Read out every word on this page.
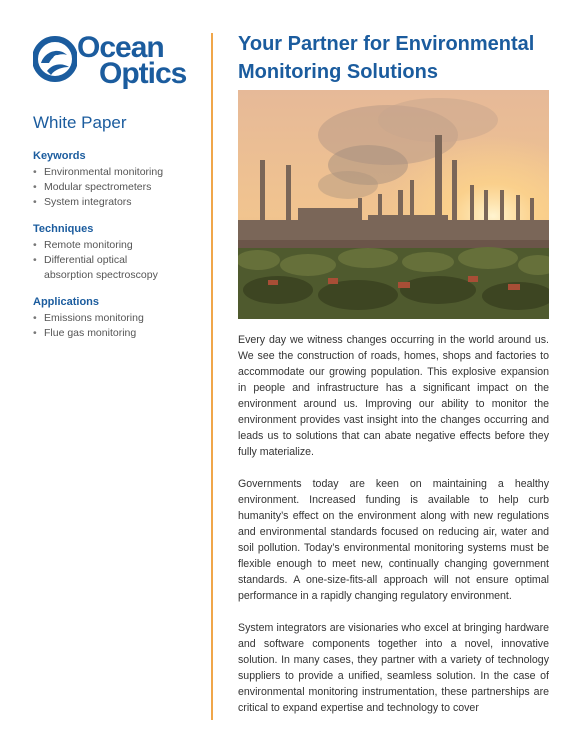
Ocean
Optics
White Paper
Keywords
• Environmental monitoring
• Modular spectrometers
• System integrators
Techniques
• Remote monitoring
• Differential optical absorption spectroscopy
Applications
• Emissions monitoring
• Flue gas monitoring
Your Partner for Environmental Monitoring Solutions

Every day we witness changes occurring in the world around us. We see the construction of roads, homes, shops and factories to accommodate our growing population. This explosive expansion in people and infrastructure has a significant impact on the environment around us. Improving our ability to monitor the environment provides vast insight into the changes occurring and leads us to solutions that can abate negative effects before they fully materialize.

Governments today are keen on maintaining a healthy environment. Increased funding is available to help curb humanity’s effect on the environment along with new regulations and environmental standards focused on reducing air, water and soil pollution. Today’s environmental monitoring systems must be flexible enough to meet new, continually changing government standards. A one-size-fits-all approach will not ensure optimal performance in a rapidly changing regulatory environment.

System integrators are visionaries who excel at bringing hardware and software components together into a novel, innovative solution. In many cases, they partner with a variety of technology suppliers to provide a unified, seamless solution. In the case of environmental monitoring instrumentation, these partnerships are critical to expand expertise and technology to cover
